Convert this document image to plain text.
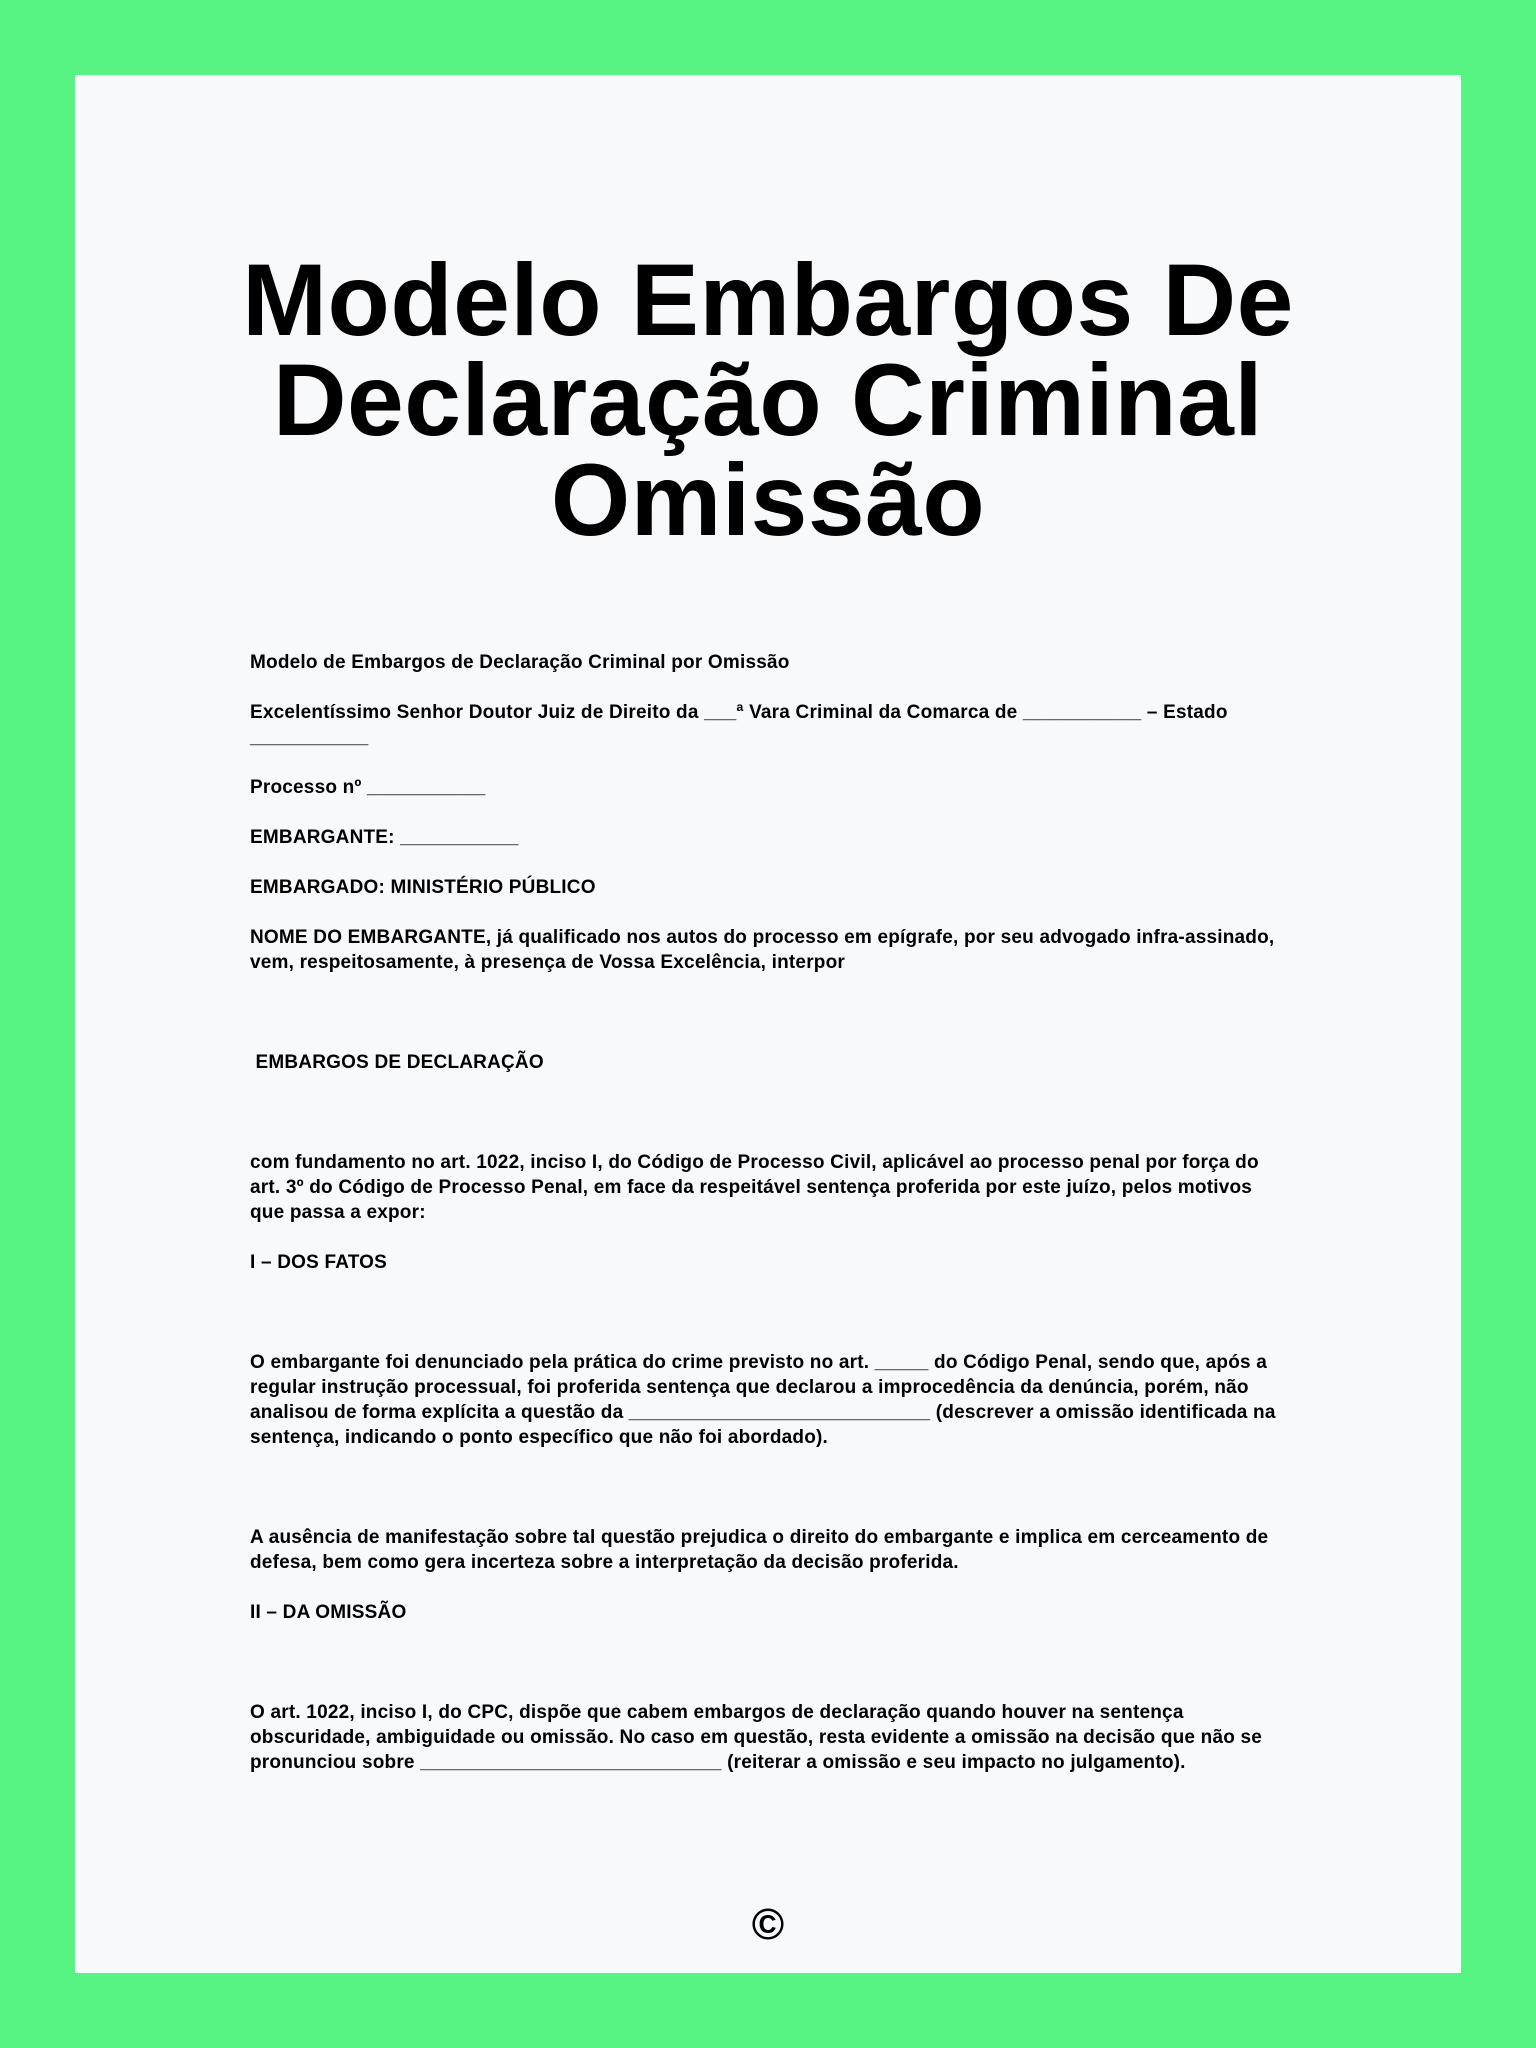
Modelo Embargos De
Declaração Criminal
Omissão

Modelo de Embargos de Declaração Criminal por Omissão

Excelentíssimo Senhor Doutor Juiz de Direito da ___ª Vara Criminal da Comarca de ___________ – Estado ___________

Processo nº ___________

EMBARGANTE: ___________

EMBARGADO: MINISTÉRIO PÚBLICO

NOME DO EMBARGANTE, já qualificado nos autos do processo em epígrafe, por seu advogado infra-assinado, vem, respeitosamente, à presença de Vossa Excelência, interpor

EMBARGOS DE DECLARAÇÃO

com fundamento no art. 1022, inciso I, do Código de Processo Civil, aplicável ao processo penal por força do art. 3º do Código de Processo Penal, em face da respeitável sentença proferida por este juízo, pelos motivos que passa a expor:

I – DOS FATOS

O embargante foi denunciado pela prática do crime previsto no art. _____ do Código Penal, sendo que, após a regular instrução processual, foi proferida sentença que declarou a improcedência da denúncia, porém, não analisou de forma explícita a questão da ____________________________ (descrever a omissão identificada na sentença, indicando o ponto específico que não foi abordado).

A ausência de manifestação sobre tal questão prejudica o direito do embargante e implica em cerceamento de defesa, bem como gera incerteza sobre a interpretação da decisão proferida.

II – DA OMISSÃO

O art. 1022, inciso I, do CPC, dispõe que cabem embargos de declaração quando houver na sentença obscuridade, ambiguidade ou omissão. No caso em questão, resta evidente a omissão na decisão que não se pronunciou sobre ____________________________ (reiterar a omissão e seu impacto no julgamento).

©
